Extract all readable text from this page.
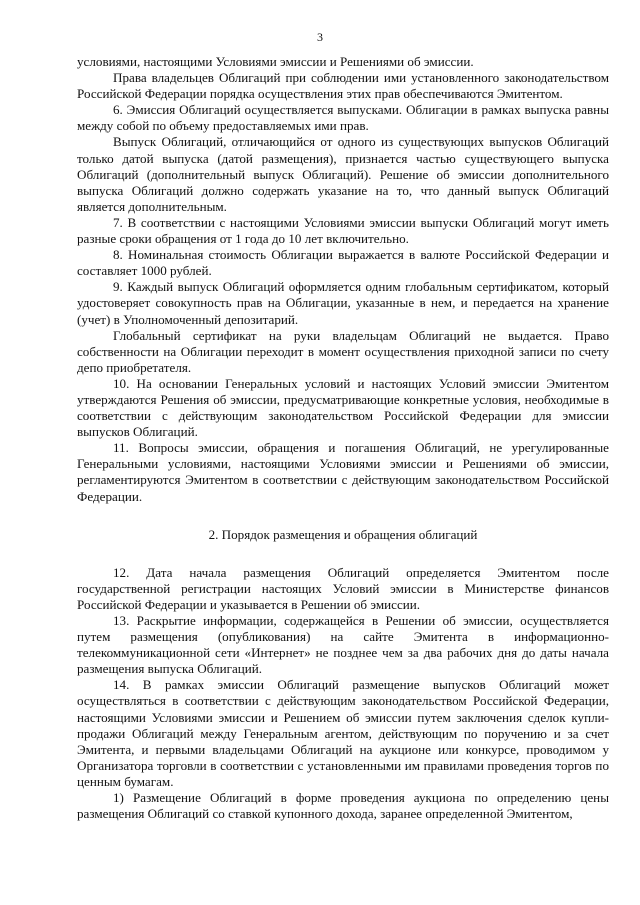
3

условиями, настоящими Условиями эмиссии и Решениями об эмиссии.

Права владельцев Облигаций при соблюдении ими установленного законодательством Российской Федерации порядка осуществления этих прав обеспечиваются Эмитентом.

6. Эмиссия Облигаций осуществляется выпусками. Облигации в рамках выпуска равны между собой по объему предоставляемых ими прав.

Выпуск Облигаций, отличающийся от одного из существующих выпусков Облигаций только датой выпуска (датой размещения), признается частью существующего выпуска Облигаций (дополнительный выпуск Облигаций). Решение об эмиссии дополнительного выпуска Облигаций должно содержать указание на то, что данный выпуск Облигаций является дополнительным.

7. В соответствии с настоящими Условиями эмиссии выпуски Облигаций могут иметь разные сроки обращения от 1 года до 10 лет включительно.

8. Номинальная стоимость Облигации выражается в валюте Российской Федерации и составляет 1000 рублей.

9. Каждый выпуск Облигаций оформляется одним глобальным сертификатом, который удостоверяет совокупность прав на Облигации, указанные в нем, и передается на хранение (учет) в Уполномоченный депозитарий.

Глобальный сертификат на руки владельцам Облигаций не выдается. Право собственности на Облигации переходит в момент осуществления приходной записи по счету депо приобретателя.

10. На основании Генеральных условий и настоящих Условий эмиссии Эмитентом утверждаются Решения об эмиссии, предусматривающие конкретные условия, необходимые в соответствии с действующим законодательством Российской Федерации для эмиссии выпусков Облигаций.

11. Вопросы эмиссии, обращения и погашения Облигаций, не урегулированные Генеральными условиями, настоящими Условиями эмиссии и Решениями об эмиссии, регламентируются Эмитентом в соответствии с действующим законодательством Российской Федерации.

2. Порядок размещения и обращения облигаций

12. Дата начала размещения Облигаций определяется Эмитентом после государственной регистрации настоящих Условий эмиссии в Министерстве финансов Российской Федерации и указывается в Решении об эмиссии.

13. Раскрытие информации, содержащейся в Решении об эмиссии, осуществляется путем размещения (опубликования) на сайте Эмитента в информационно-телекоммуникационной сети «Интернет» не позднее чем за два рабочих дня до даты начала размещения выпуска Облигаций.

14. В рамках эмиссии Облигаций размещение выпусков Облигаций может осуществляться в соответствии с действующим законодательством Российской Федерации, настоящими Условиями эмиссии и Решением об эмиссии путем заключения сделок купли-продажи Облигаций между Генеральным агентом, действующим по поручению и за счет Эмитента, и первыми владельцами Облигаций на аукционе или конкурсе, проводимом у Организатора торговли в соответствии с установленными им правилами проведения торгов по ценным бумагам.

1) Размещение Облигаций в форме проведения аукциона по определению цены размещения Облигаций со ставкой купонного дохода, заранее определенной Эмитентом,
